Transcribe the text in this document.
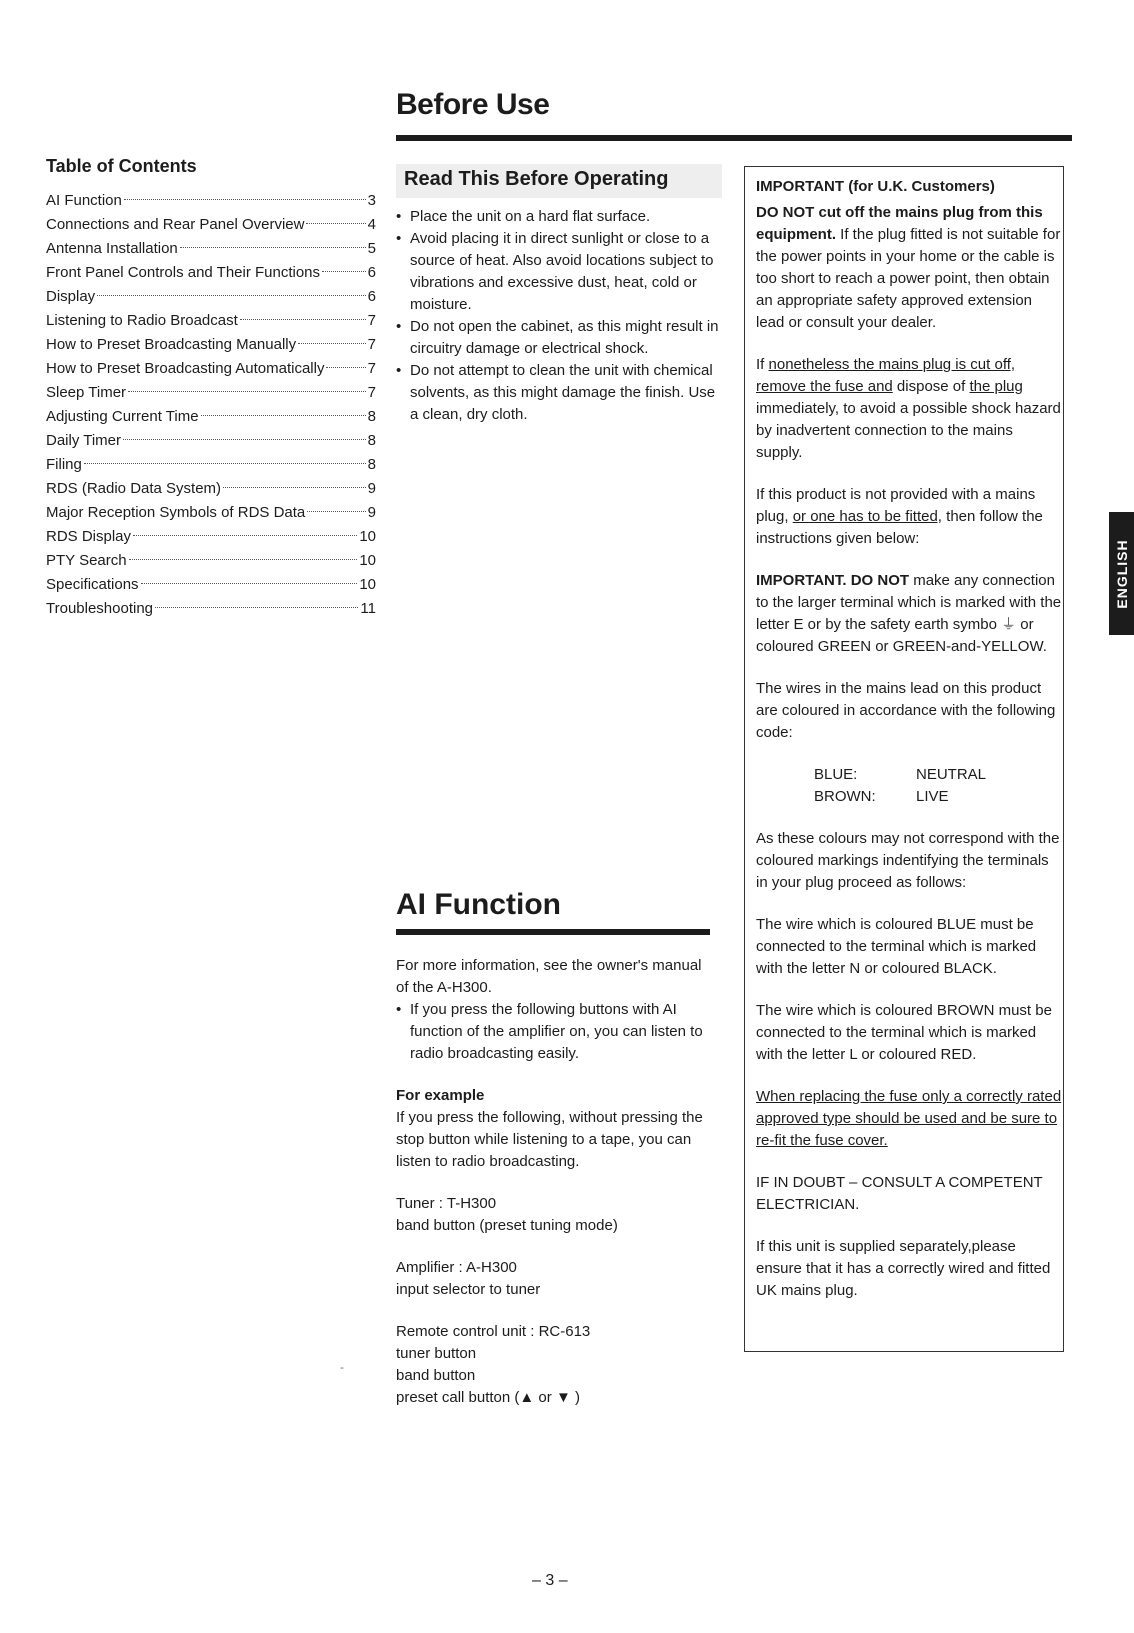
Before Use
Table of Contents
AI Function	3
Connections and Rear Panel Overview	4
Antenna Installation	5
Front Panel Controls and Their Functions	6
Display	6
Listening to Radio Broadcast	7
How to Preset Broadcasting Manually	7
How to Preset Broadcasting Automatically	7
Sleep Timer	7
Adjusting Current Time	8
Daily Timer	8
Filing	8
RDS (Radio Data System)	9
Major Reception Symbols of RDS Data	9
RDS Display	10
PTY Search	10
Specifications	10
Troubleshooting	11
Read This Before Operating
• Place the unit on a hard flat surface.
• Avoid placing it in direct sunlight or close to a source of heat. Also avoid locations subject to vibrations and excessive dust, heat, cold or moisture.
• Do not open the cabinet, as this might result in circuitry damage or electrical shock.
• Do not attempt to clean the unit with chemical solvents, as this might damage the finish. Use a clean, dry cloth.
AI Function

For more information, see the owner's manual of the A-H300.

• If you press the following buttons with AI function of the amplifier on, you can listen to radio broadcasting easily.

For example

If you press the following, without pressing the stop button while listening to a tape, you can listen to radio broadcasting.

Tuner : T-H300

band button (preset tuning mode)

Amplifier : A-H300

input selector to tuner

Remote control unit : RC-613

tuner button

band button

preset call button (▲ or ▼ )

IMPORTANT (for U.K. Customers)

DO NOT cut off the mains plug from this equipment. If the plug fitted is not suitable for the power points in your home or the cable is too short to reach a power point, then obtain an appropriate safety approved extension lead or consult your dealer.

If nonetheless the mains plug is cut off, remove the fuse and dispose of the plug immediately, to avoid a possible shock hazard by inadvertent connection to the mains supply.

If this product is not provided with a mains plug, or one has to be fitted, then follow the instructions given below:

IMPORTANT. DO NOT make any connection to the larger terminal which is marked with the letter E or by the safety earth symbo ⏚ or coloured GREEN or GREEN-and-YELLOW.

The wires in the mains lead on this product are coloured in accordance with the following code:

BLUE:	NEUTRAL
BROWN:	LIVE

As these colours may not correspond with the coloured markings indentifying the terminals in your plug proceed as follows:

The wire which is coloured BLUE must be connected to the terminal which is marked with the letter N or coloured BLACK.

The wire which is coloured BROWN must be connected to the terminal which is marked with the letter L or coloured RED.

When replacing the fuse only a correctly rated approved type should be used and be sure to re-fit the fuse cover.

IF IN DOUBT – CONSULT A COMPETENT ELECTRICIAN.

If this unit is supplied separately,please ensure that it has a correctly wired and fitted UK mains plug.

ENGLISH
-
– 3 –
